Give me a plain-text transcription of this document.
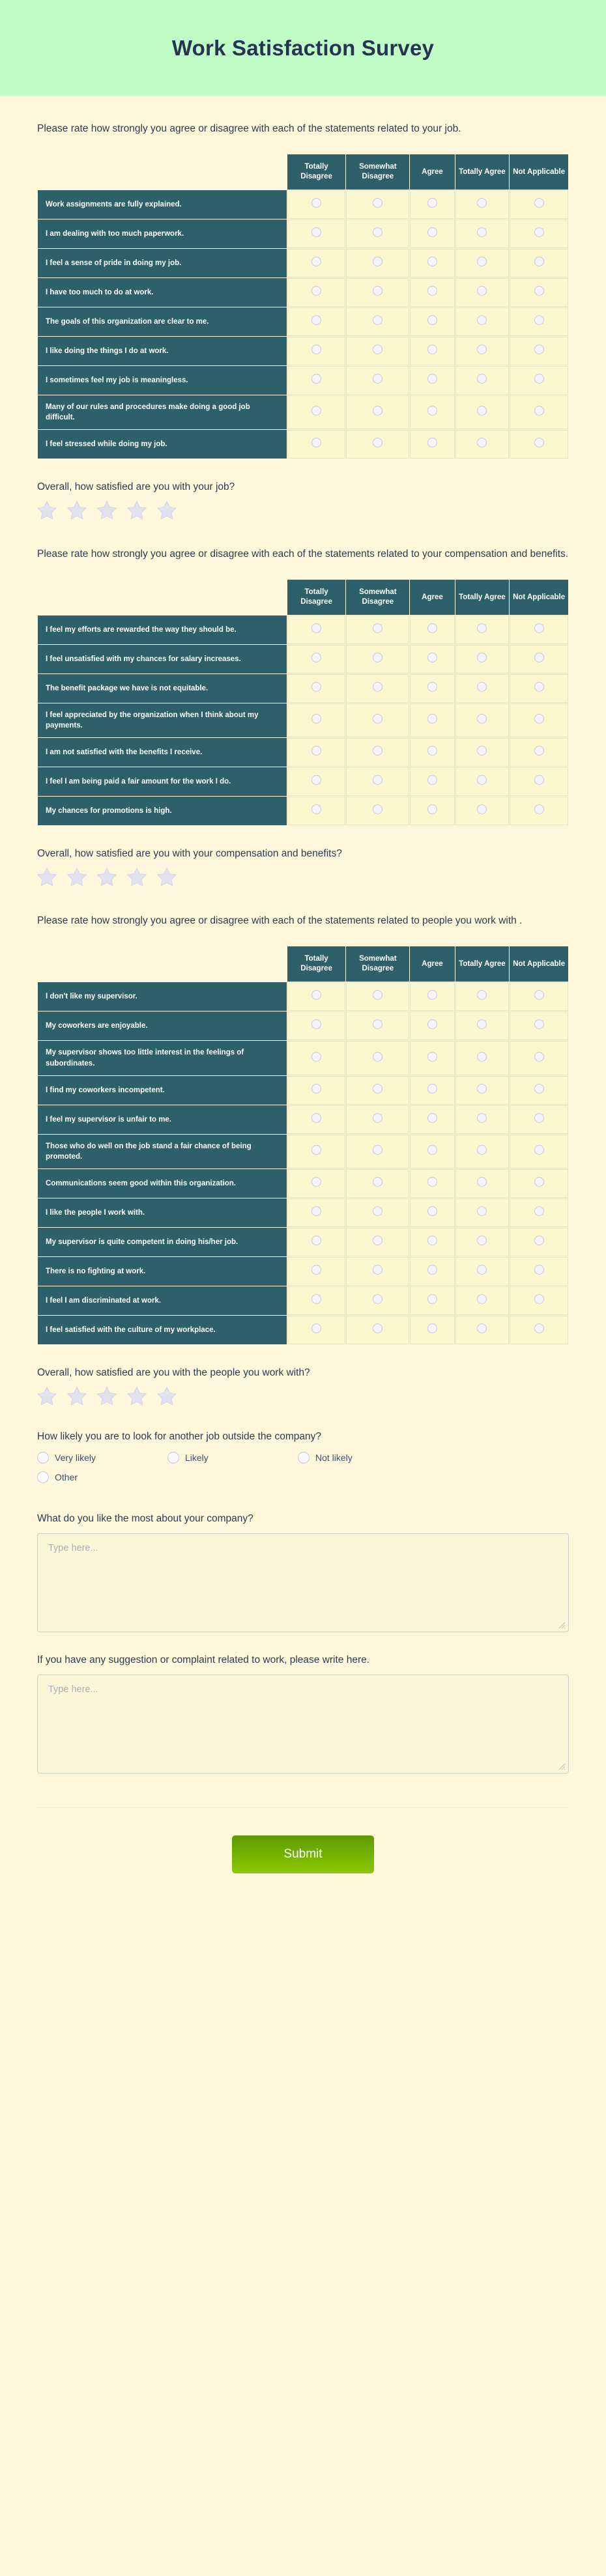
Work Satisfaction Survey
Please rate how strongly you agree or disagree with each of the statements related to your job.
	Totally Disagree	Somewhat Disagree	Agree	Totally Agree	Not Applicable
Work assignments are fully explained.					
I am dealing with too much paperwork.					
I feel a sense of pride in doing my job.					
I have too much to do at work.					
The goals of this organization are clear to me.					
I like doing the things I do at work.					
I sometimes feel my job is meaningless.					
Many of our rules and procedures make doing a good job difficult.					
I feel stressed while doing my job.					
Overall, how satisfied are you with your job?
Please rate how strongly you agree or disagree with each of the statements related to your compensation and benefits.
	Totally Disagree	Somewhat Disagree	Agree	Totally Agree	Not Applicable
I feel my efforts are rewarded the way they should be.					
I feel unsatisfied with my chances for salary increases.					
The benefit package we have is not equitable.					
I feel appreciated by the organization when I think about my payments.					
I am not satisfied with the benefits I receive.					
I feel I am being paid a fair amount for the work I do.					
My chances for promotions is high.					
Overall, how satisfied are you with your compensation and benefits?
Please rate how strongly you agree or disagree with each of the statements related to people you work with .
	Totally Disagree	Somewhat Disagree	Agree	Totally Agree	Not Applicable
I don't like my supervisor.					
My coworkers are enjoyable.					
My supervisor shows too little interest in the feelings of subordinates.					
I find my coworkers incompetent.					
I feel my supervisor is unfair to me.					
Those who do well on the job stand a fair chance of being promoted.					
Communications seem good within this organization.					
I like the people I work with.					
My supervisor is quite competent in doing his/her job.					
There is no fighting at work.					
I feel I am discriminated at work.					
I feel satisfied with the culture of my workplace.					
Overall, how satisfied are you with the people you work with?
How likely you are to look for another job outside the company?
Very likely	Likely	Not likely
Other
What do you like the most about your company?
Type here...
If you have any suggestion or complaint related to work, please write here.
Type here...
Submit
